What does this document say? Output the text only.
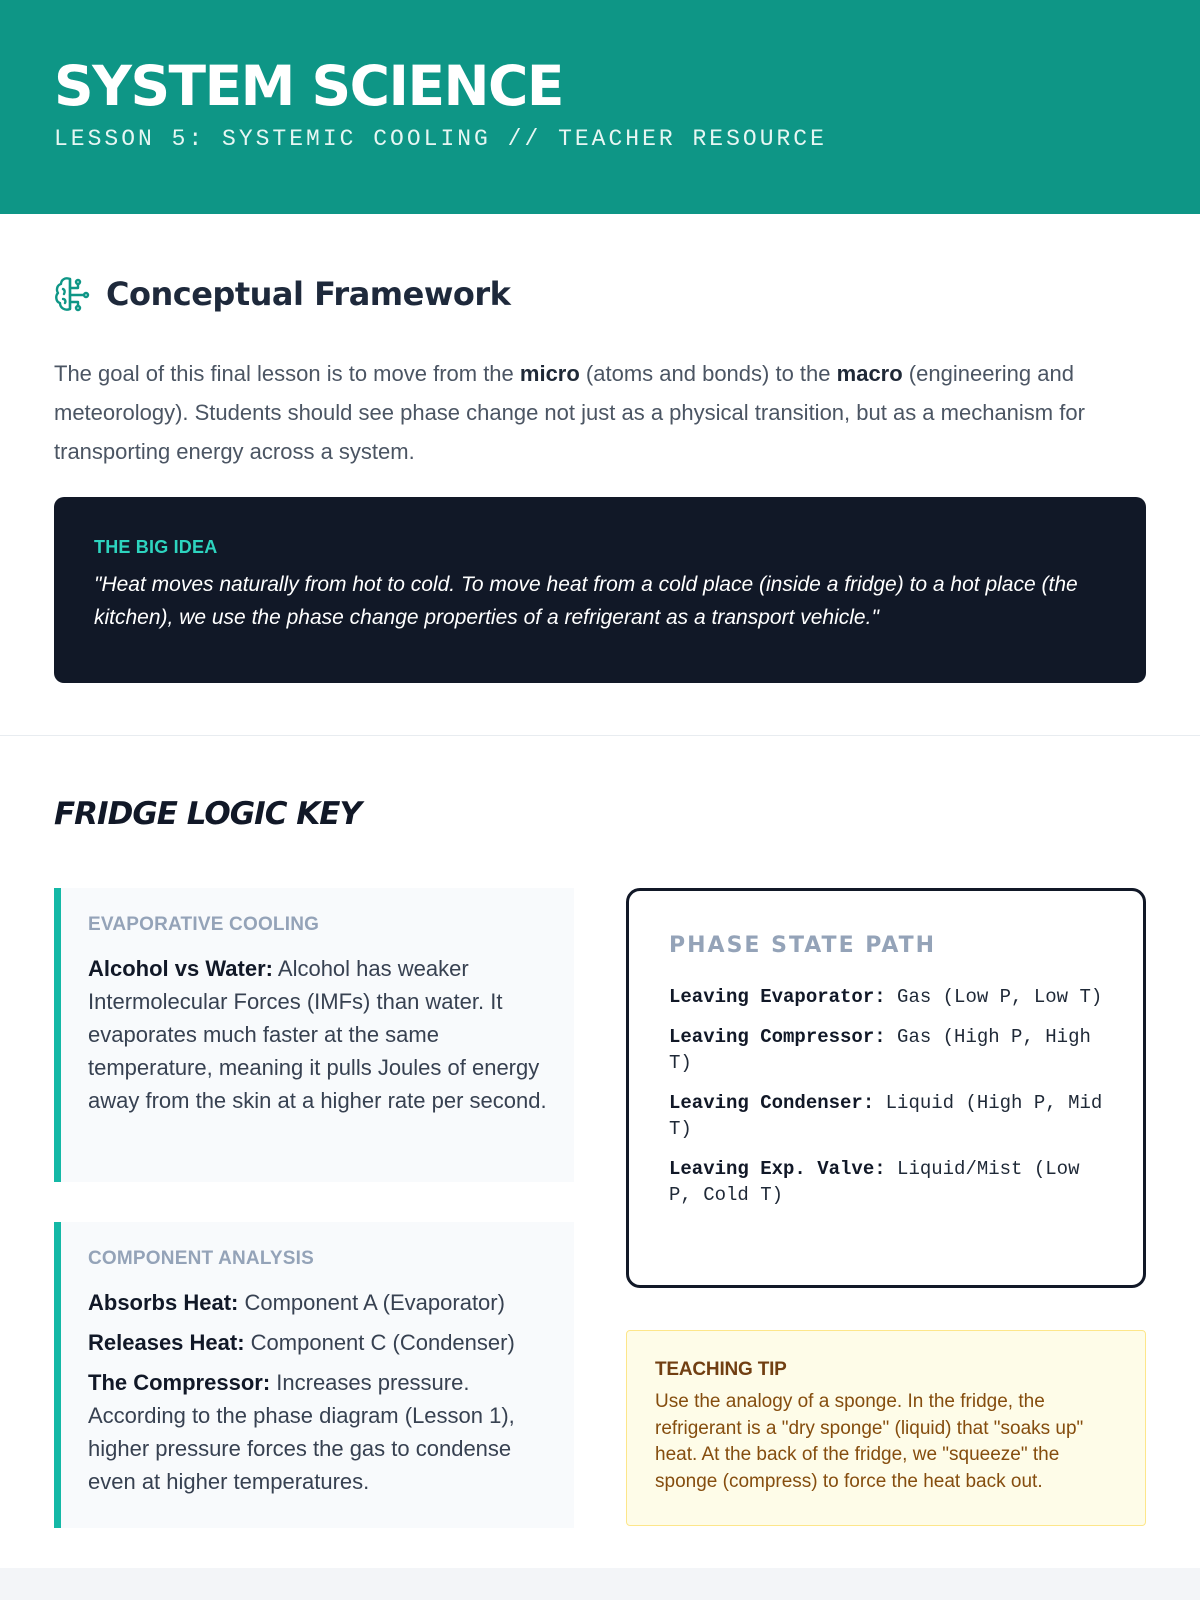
SYSTEM SCIENCE
LESSON 5: SYSTEMIC COOLING // TEACHER RESOURCE
Conceptual Framework

The goal of this final lesson is to move from the micro (atoms and bonds) to the macro (engineering and meteorology). Students should see phase change not just as a physical transition, but as a mechanism for transporting energy across a system.

THE BIG IDEA
"Heat moves naturally from hot to cold. To move heat from a cold place (inside a fridge) to a hot place (the kitchen), we use the phase change properties of a refrigerant as a transport vehicle."
FRIDGE LOGIC KEY
EVAPORATIVE COOLING
Alcohol vs Water: Alcohol has weaker Intermolecular Forces (IMFs) than water. It evaporates much faster at the same temperature, meaning it pulls Joules of energy away from the skin at a higher rate per second.
COMPONENT ANALYSIS
Absorbs Heat: Component A (Evaporator)
Releases Heat: Component C (Condenser)
The Compressor: Increases pressure. According to the phase diagram (Lesson 1), higher pressure forces the gas to condense even at higher temperatures.
PHASE STATE PATH
Leaving Evaporator: Gas (Low P, Low T)
Leaving Compressor: Gas (High P, High T)
Leaving Condenser: Liquid (High P, Mid T)
Leaving Exp. Valve: Liquid/Mist (Low P, Cold T)
TEACHING TIP
Use the analogy of a sponge. In the fridge, the refrigerant is a "dry sponge" (liquid) that "soaks up" heat. At the back of the fridge, we "squeeze" the sponge (compress) to force the heat back out.
